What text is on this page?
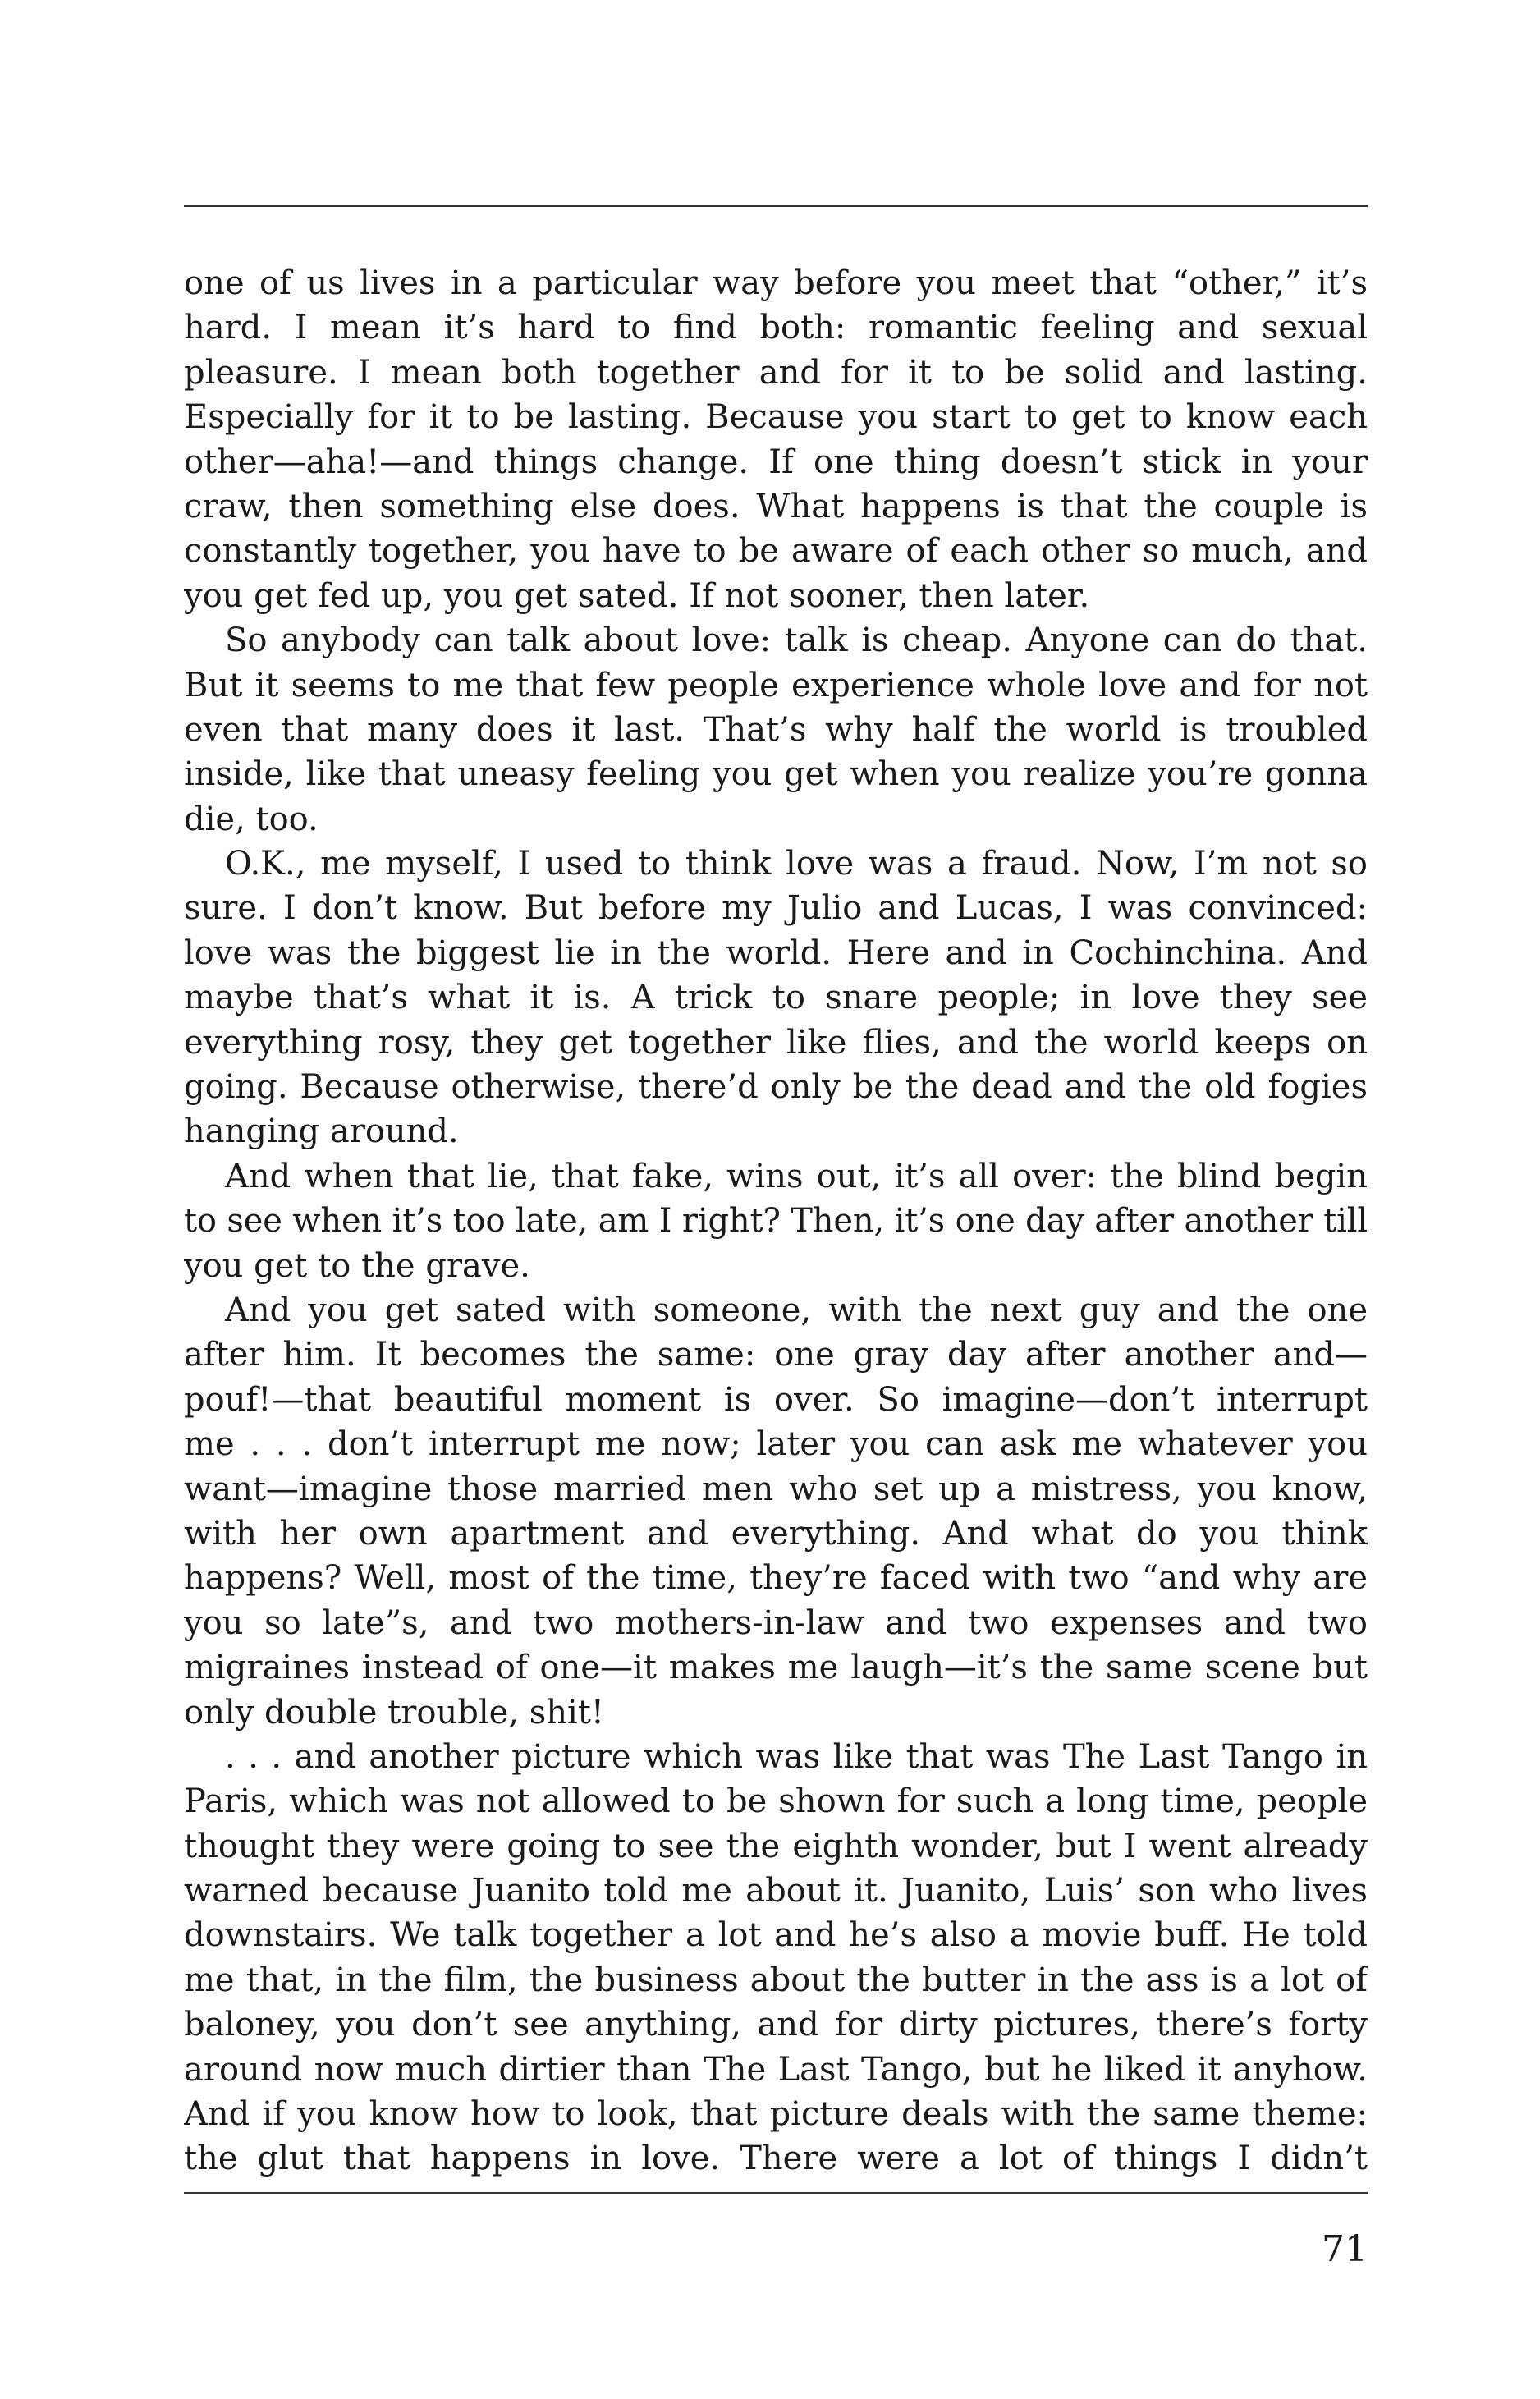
one of us lives in a particular way before you meet that “other,” it’s
hard. I mean it’s hard to find both: romantic feeling and sexual
pleasure. I mean both together and for it to be solid and lasting.
Especially for it to be lasting. Because you start to get to know each
other—aha!—and things change. If one thing doesn’t stick in your
craw, then something else does. What happens is that the couple is
constantly together, you have to be aware of each other so much, and
you get fed up, you get sated. If not sooner, then later.
So anybody can talk about love: talk is cheap. Anyone can do that.
But it seems to me that few people experience whole love and for not
even that many does it last. That’s why half the world is troubled
inside, like that uneasy feeling you get when you realize you’re gonna
die, too.
O.K., me myself, I used to think love was a fraud. Now, I’m not so
sure. I don’t know. But before my Julio and Lucas, I was convinced:
love was the biggest lie in the world. Here and in Cochinchina. And
maybe that’s what it is. A trick to snare people; in love they see
everything rosy, they get together like flies, and the world keeps on
going. Because otherwise, there’d only be the dead and the old fogies
hanging around.
And when that lie, that fake, wins out, it’s all over: the blind begin
to see when it’s too late, am I right? Then, it’s one day after another till
you get to the grave.
And you get sated with someone, with the next guy and the one
after him. It becomes the same: one gray day after another and—
pouf!—that beautiful moment is over. So imagine—don’t interrupt
me . . . don’t interrupt me now; later you can ask me whatever you
want—imagine those married men who set up a mistress, you know,
with her own apartment and everything. And what do you think
happens? Well, most of the time, they’re faced with two “and why are
you so late”s, and two mothers-in-law and two expenses and two
migraines instead of one—it makes me laugh—it’s the same scene but
only double trouble, shit!
. . . and another picture which was like that was The Last Tango in
Paris, which was not allowed to be shown for such a long time, people
thought they were going to see the eighth wonder, but I went already
warned because Juanito told me about it. Juanito, Luis’ son who lives
downstairs. We talk together a lot and he’s also a movie buff. He told
me that, in the film, the business about the butter in the ass is a lot of
baloney, you don’t see anything, and for dirty pictures, there’s forty
around now much dirtier than The Last Tango, but he liked it anyhow.
And if you know how to look, that picture deals with the same theme:
the glut that happens in love. There were a lot of things I didn’t
71
